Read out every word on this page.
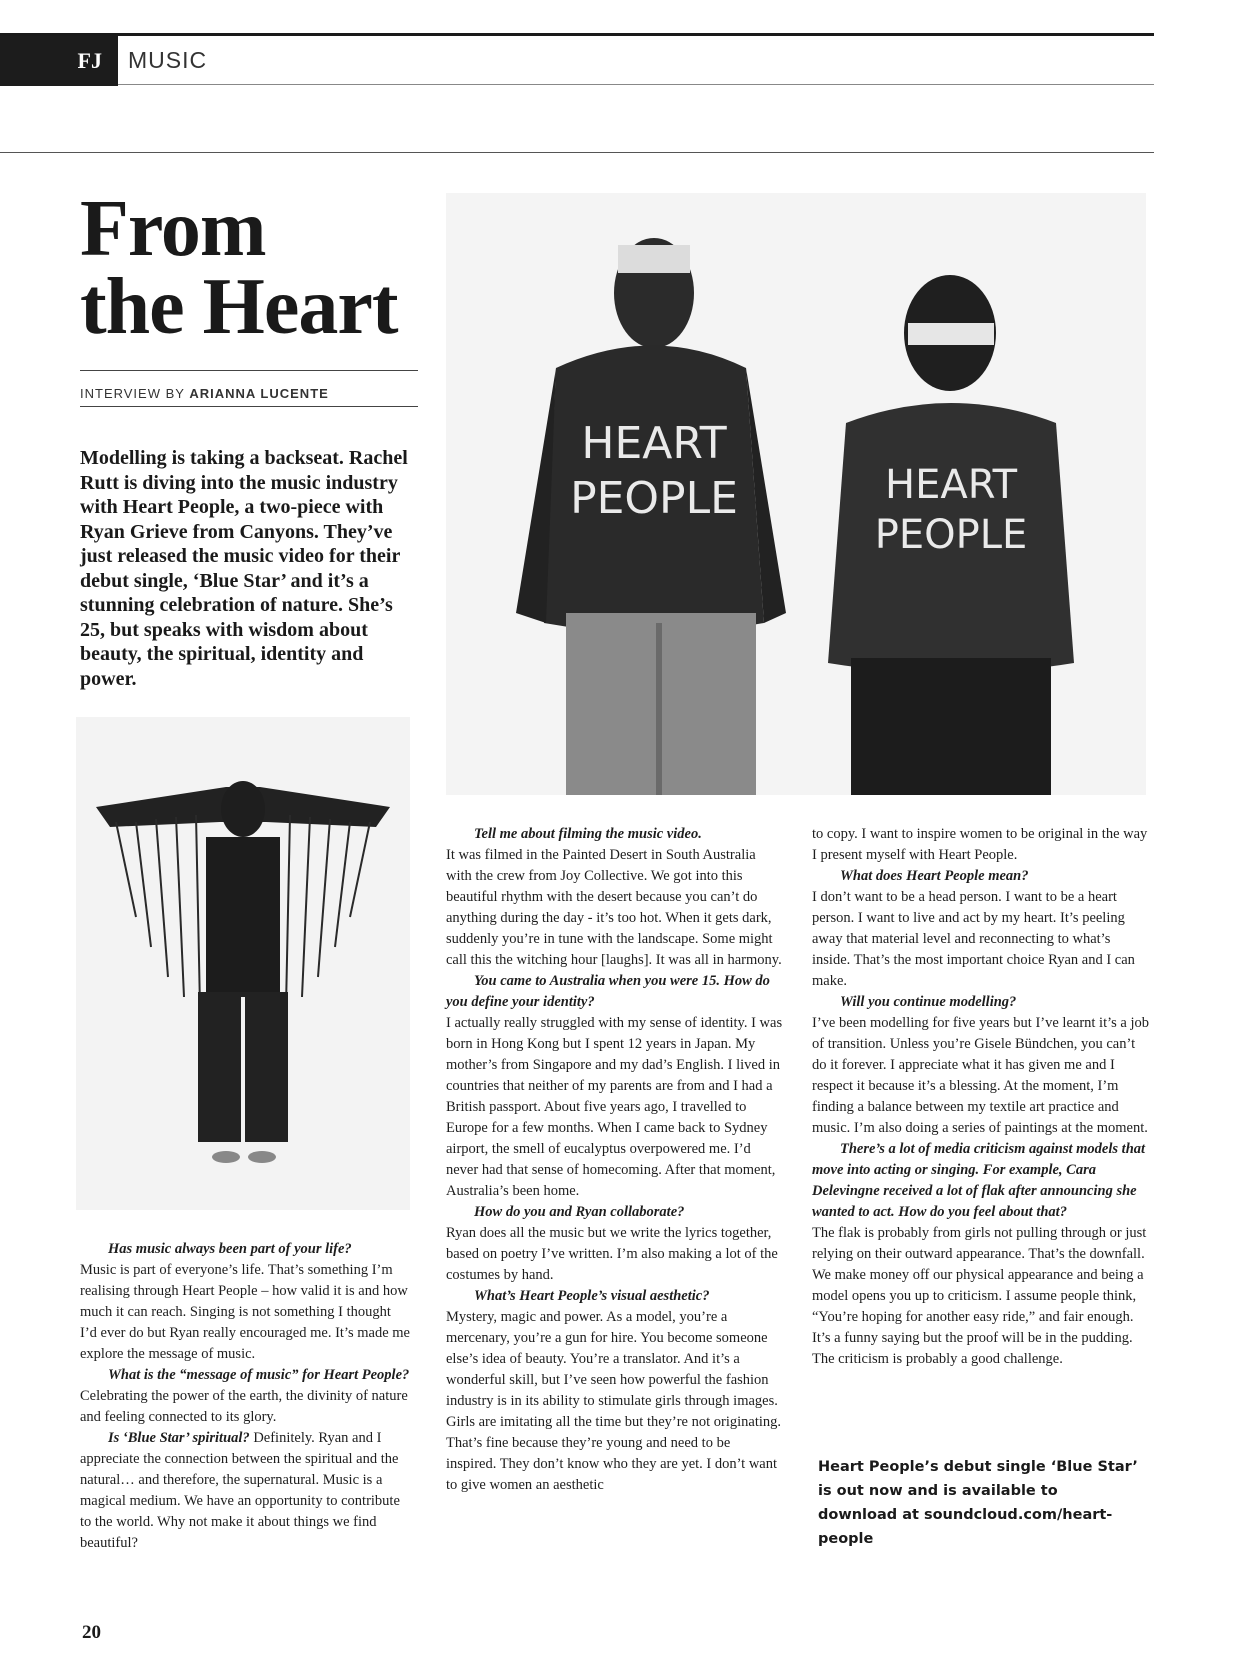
FJ	MUSIC
From
the Heart
INTERVIEW BY ARIANNA LUCENTE
Modelling is taking a backseat. Rachel Rutt is diving into the music industry with Heart People, a two-piece with Ryan Grieve from Canyons. They’ve just released the music video for their debut single, ‘Blue Star’ and it’s a stunning celebration of nature. She’s 25, but speaks with wisdom about beauty, the spiritual, identity and power.
HEART
PEOPLE	HEART
PEOPLE

Has music always been part of your life?

Music is part of everyone’s life. That’s something I’m realising through Heart People – how valid it is and how much it can reach. Singing is not something I thought I’d ever do but Ryan really encouraged me. It’s made me explore the message of music.

What is the “message of music” for Heart People? Celebrating the power of the earth, the divinity of nature and feeling connected to its glory.

Is ‘Blue Star’ spiritual? Definitely. Ryan and I appreciate the connection between the spiritual and the natural… and therefore, the supernatural. Music is a magical medium. We have an opportunity to contribute to the world. Why not make it about things we find beautiful?

Tell me about filming the music video.

It was filmed in the Painted Desert in South Australia with the crew from Joy Collective. We got into this beautiful rhythm with the desert because you can’t do anything during the day - it’s too hot. When it gets dark, suddenly you’re in tune with the landscape. Some might call this the witching hour [laughs]. It was all in harmony.

You came to Australia when you were 15. How do you define your identity?

I actually really struggled with my sense of identity. I was born in Hong Kong but I spent 12 years in Japan. My mother’s from Singapore and my dad’s English. I lived in countries that neither of my parents are from and I had a British passport. About five years ago, I travelled to Europe for a few months. When I came back to Sydney airport, the smell of eucalyptus overpowered me. I’d never had that sense of homecoming. After that moment, Australia’s been home.

How do you and Ryan collaborate?

Ryan does all the music but we write the lyrics together, based on poetry I’ve written. I’m also making a lot of the costumes by hand.

What’s Heart People’s visual aesthetic?

Mystery, magic and power. As a model, you’re a mercenary, you’re a gun for hire. You become someone else’s idea of beauty. You’re a translator. And it’s a wonderful skill, but I’ve seen how powerful the fashion industry is in its ability to stimulate girls through images. Girls are imitating all the time but they’re not originating. That’s fine because they’re young and need to be inspired. They don’t know who they are yet. I don’t want to give women an aesthetic

to copy. I want to inspire women to be original in the way I present myself with Heart People.

What does Heart People mean?

I don’t want to be a head person. I want to be a heart person. I want to live and act by my heart. It’s peeling away that material level and reconnecting to what’s inside. That’s the most important choice Ryan and I can make.

Will you continue modelling?

I’ve been modelling for five years but I’ve learnt it’s a job of transition. Unless you’re Gisele Bündchen, you can’t do it forever. I appreciate what it has given me and I respect it because it’s a blessing. At the moment, I’m finding a balance between my textile art practice and music. I’m also doing a series of paintings at the moment.

There’s a lot of media criticism against models that move into acting or singing. For example, Cara Delevingne received a lot of flak after announcing she wanted to act. How do you feel about that?

The flak is probably from girls not pulling through or just relying on their outward appearance. That’s the downfall. We make money off our physical appearance and being a model opens you up to criticism. I assume people think, “You’re hoping for another easy ride,” and fair enough. It’s a funny saying but the proof will be in the pudding. The criticism is probably a good challenge.

Heart People’s debut single ‘Blue Star’ is out now and is available to download at soundcloud.com/heart-people
20
